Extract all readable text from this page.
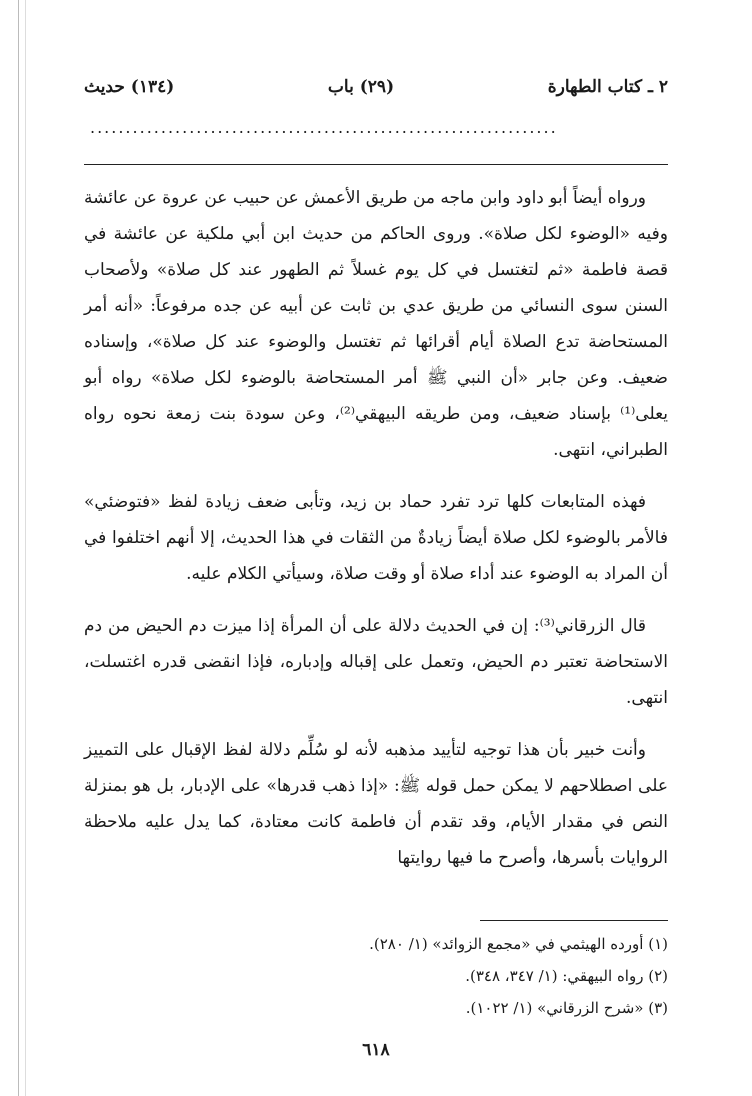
٢ ـ كتاب الطهارة
(٢٩) باب
(١٣٤) حديث
..................................................................

ورواه أيضاً أبو داود وابن ماجه من طريق الأعمش عن حبيب عن عروة عن عائشة وفيه «الوضوء لكل صلاة». وروى الحاكم من حديث ابن أبي ملكية عن عائشة في قصة فاطمة «ثم لتغتسل في كل يوم غسلاً ثم الطهور عند كل صلاة» ولأصحاب السنن سوى النسائي من طريق عدي بن ثابت عن أبيه عن جده مرفوعاً: «أنه أمر المستحاضة تدع الصلاة أيام أقرائها ثم تغتسل والوضوء عند كل صلاة»، وإسناده ضعيف. وعن جابر «أن النبي ﷺ أمر المستحاضة بالوضوء لكل صلاة» رواه أبو يعلى⁽¹⁾ بإسناد ضعيف، ومن طريقه البيهقي⁽²⁾، وعن سودة بنت زمعة نحوه رواه الطبراني، انتهى.

فهذه المتابعات كلها ترد تفرد حماد بن زيد، وتأبى ضعف زيادة لفظ «فتوضئي» فالأمر بالوضوء لكل صلاة أيضاً زيادةٌ من الثقات في هذا الحديث، إلا أنهم اختلفوا في أن المراد به الوضوء عند أداء صلاة أو وقت صلاة، وسيأتي الكلام عليه.

قال الزرقاني⁽³⁾: إن في الحديث دلالة على أن المرأة إذا ميزت دم الحيض من دم الاستحاضة تعتبر دم الحيض، وتعمل على إقباله وإدباره، فإذا انقضى قدره اغتسلت، انتهى.

وأنت خبير بأن هذا توجيه لتأييد مذهبه لأنه لو سُلِّم دلالة لفظ الإقبال على التمييز على اصطلاحهم لا يمكن حمل قوله ﷺ: «إذا ذهب قدرها» على الإدبار، بل هو بمنزلة النص في مقدار الأيام، وقد تقدم أن فاطمة كانت معتادة، كما يدل عليه ملاحظة الروايات بأسرها، وأصرح ما فيها روايتها

(١) أورده الهيثمي في «مجمع الزوائد» (١/ ٢٨٠).
(٢) رواه البيهقي: (١/ ٣٤٧، ٣٤٨).
(٣) «شرح الزرقاني» (١/ ١٠٢٢).
٦١٨
